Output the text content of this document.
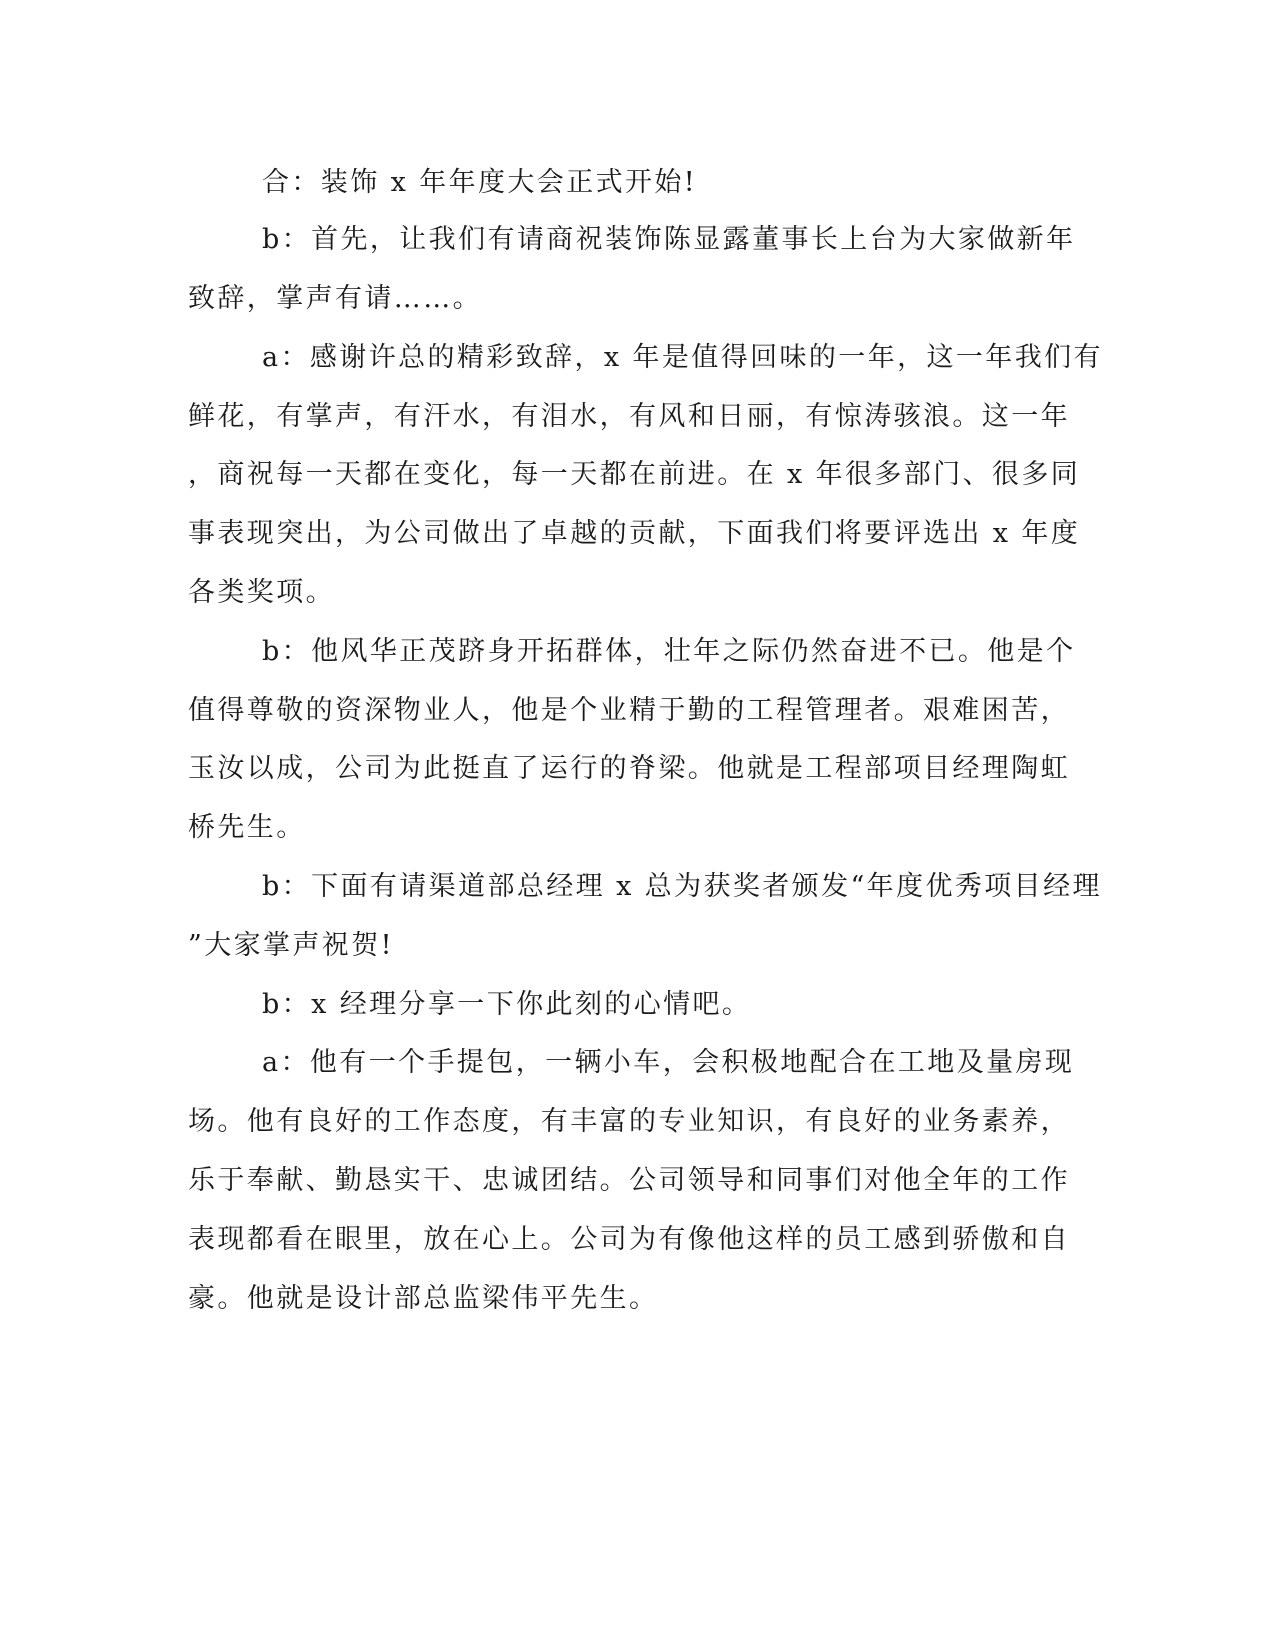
合：装饰 x 年年度大会正式开始!
b：首先，让我们有请商祝装饰陈显露董事长上台为大家做新年
致辞，掌声有请……。
a：感谢许总的精彩致辞，x 年是值得回味的一年，这一年我们有
鲜花，有掌声，有汗水，有泪水，有风和日丽，有惊涛骇浪。这一年
，商祝每一天都在变化，每一天都在前进。在 x 年很多部门、很多同
事表现突出，为公司做出了卓越的贡献，下面我们将要评选出 x 年度
各类奖项。
b：他风华正茂跻身开拓群体，壮年之际仍然奋进不已。他是个
值得尊敬的资深物业人，他是个业精于勤的工程管理者。艰难困苦，
玉汝以成，公司为此挺直了运行的脊梁。他就是工程部项目经理陶虹
桥先生。
b：下面有请渠道部总经理 x 总为获奖者颁发“年度优秀项目经理
”大家掌声祝贺!
b：x 经理分享一下你此刻的心情吧。
a：他有一个手提包，一辆小车，会积极地配合在工地及量房现
场。他有良好的工作态度，有丰富的专业知识，有良好的业务素养，
乐于奉献、勤恳实干、忠诚团结。公司领导和同事们对他全年的工作
表现都看在眼里，放在心上。公司为有像他这样的员工感到骄傲和自
豪。他就是设计部总监梁伟平先生。
